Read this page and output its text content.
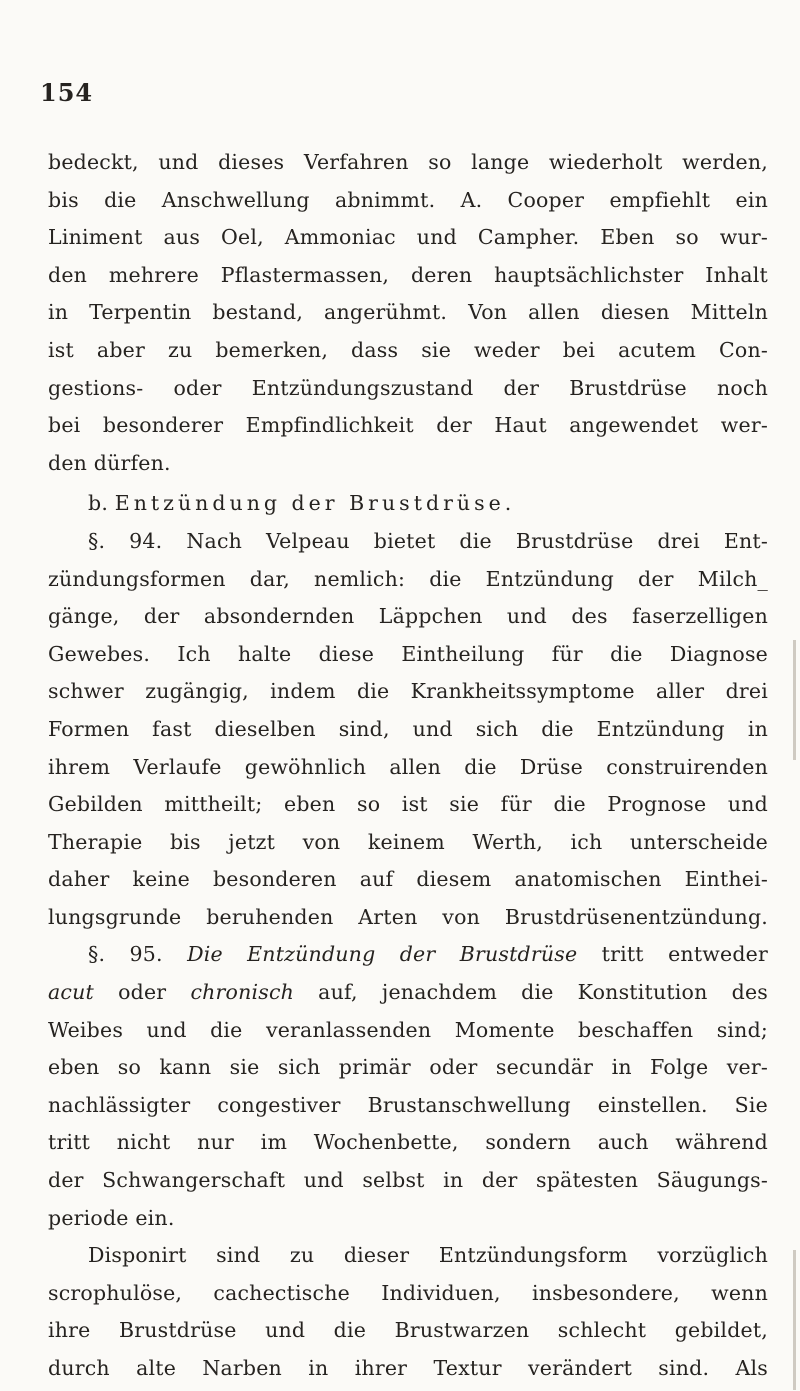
154
bedeckt, und dieses Verfahren so lange wiederholt werden,
bis die Anschwellung abnimmt. A. Cooper empfiehlt ein
Liniment aus Oel, Ammoniac und Campher. Eben so wur-
den mehrere Pflastermassen, deren hauptsächlichster Inhalt
in Terpentin bestand, angerühmt. Von allen diesen Mitteln
ist aber zu bemerken, dass sie weder bei acutem Con-
gestions- oder Entzündungszustand der Brustdrüse noch
bei besonderer Empfindlichkeit der Haut angewendet wer-
den dürfen.
b. Entzündung der Brustdrüse.
§. 94. Nach Velpeau bietet die Brustdrüse drei Ent-
zündungsformen dar, nemlich: die Entzündung der Milch_
gänge, der absondernden Läppchen und des faserzelligen
Gewebes. Ich halte diese Eintheilung für die Diagnose
schwer zugängig, indem die Krankheitssymptome aller drei
Formen fast dieselben sind, und sich die Entzündung in
ihrem Verlaufe gewöhnlich allen die Drüse construirenden
Gebilden mittheilt; eben so ist sie für die Prognose und
Therapie bis jetzt von keinem Werth, ich unterscheide
daher keine besonderen auf diesem anatomischen Einthei-
lungsgrunde beruhenden Arten von Brustdrüsenentzündung.
§. 95. Die Entzündung der Brustdrüse tritt entweder
acut oder chronisch auf, jenachdem die Konstitution des
Weibes und die veranlassenden Momente beschaffen sind;
eben so kann sie sich primär oder secundär in Folge ver-
nachlässigter congestiver Brustanschwellung einstellen. Sie
tritt nicht nur im Wochenbette, sondern auch während
der Schwangerschaft und selbst in der spätesten Säugungs-
periode ein.
Disponirt sind zu dieser Entzündungsform vorzüglich
scrophulöse, cachectische Individuen, insbesondere, wenn
ihre Brustdrüse und die Brustwarzen schlecht gebildet,
durch alte Narben in ihrer Textur verändert sind. Als
